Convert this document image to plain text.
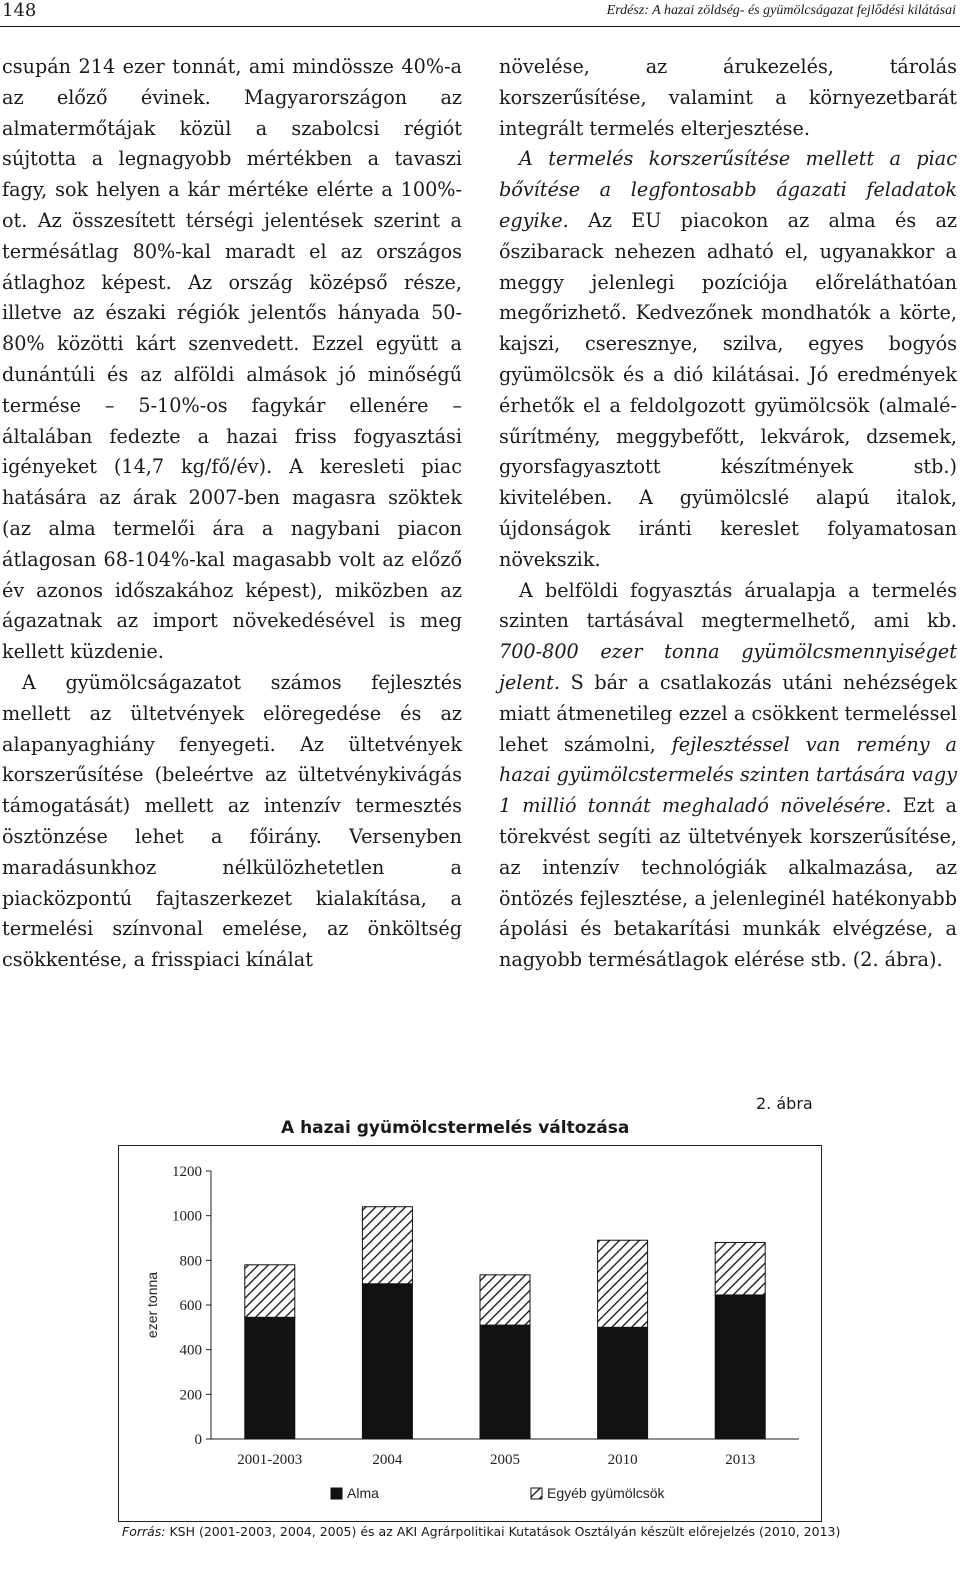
148	Erdész: A hazai zöldség- és gyümölcságazat fejlődési kilátásai

csupán 214 ezer tonnát, ami mindössze 40%-a az előző évinek. Magyarországon az almatermőtájak közül a szabolcsi régiót sújtotta a legnagyobb mértékben a tavaszi fagy, sok helyen a kár mértéke elérte a 100%-ot. Az összesített térségi jelentések szerint a termésátlag 80%-kal maradt el az országos átlaghoz képest. Az ország középső része, illetve az északi régiók jelentős hányada 50-80% közötti kárt szenvedett. Ezzel együtt a dunántúli és az alföldi almások jó minőségű termése – 5-10%-os fagykár ellenére – általában fedezte a hazai friss fogyasztási igényeket (14,7 kg/fő/év). A keresleti piac hatására az árak 2007-ben magasra szöktek (az alma termelői ára a nagybani piacon átlagosan 68-104%-kal magasabb volt az előző év azonos időszakához képest), miközben az ágazatnak az import növekedésével is meg kellett küzdenie.

A gyümölcságazatot számos fejlesztés mellett az ültetvények elöregedése és az alapanyaghiány fenyegeti. Az ültetvények korszerűsítése (beleértve az ültetvénykivágás támogatását) mellett az intenzív termesztés ösztönzése lehet a főirány. Versenyben maradásunkhoz nélkülözhetetlen a piacközpontú fajtaszerkezet kialakítása, a termelési színvonal emelése, az önköltség csökkentése, a frisspiaci kínálat

növelése, az árukezelés, tárolás korszerűsítése, valamint a környezetbarát integrált termelés elterjesztése.

A termelés korszerűsítése mellett a piac bővítése a legfontosabb ágazati feladatok egyike. Az EU piacokon az alma és az őszibarack nehezen adható el, ugyanakkor a meggy jelenlegi pozíciója előreláthatóan megőrizhető. Kedvezőnek mondhatók a körte, kajszi, cseresznye, szilva, egyes bogyós gyümölcsök és a dió kilátásai. Jó eredmények érhetők el a feldolgozott gyümölcsök (almalé-sűrítmény, meggybefőtt, lekvárok, dzsemek, gyorsfagyasztott készítmények stb.) kivitelében. A gyümölcslé alapú italok, újdonságok iránti kereslet folyamatosan növekszik.

A belföldi fogyasztás árualapja a termelés szinten tartásával megtermelhető, ami kb. 700-800 ezer tonna gyümölcsmennyiséget jelent. S bár a csatlakozás utáni nehézségek miatt átmenetileg ezzel a csökkent termeléssel lehet számolni, fejlesztéssel van remény a hazai gyümölcstermelés szinten tartására vagy 1 millió tonnát meghaladó növelésére. Ezt a törekvést segíti az ültetvények korszerűsítése, az intenzív technológiák alkalmazása, az öntözés fejlesztése, a jelenleginél hatékonyabb ápolási és betakarítási munkák elvégzése, a nagyobb termésátlagok elérése stb. (2. ábra).

2. ábra
A hazai gyümölcstermelés változása
0
200
400
600
800
1000
1200
ezer tonna
2001-2003	2004	2005	2010	2013
Alma	Egyéb gyümölcsök
Forrás: KSH (2001-2003, 2004, 2005) és az AKI Agrárpolitikai Kutatások Osztályán készült előrejelzés (2010, 2013)
